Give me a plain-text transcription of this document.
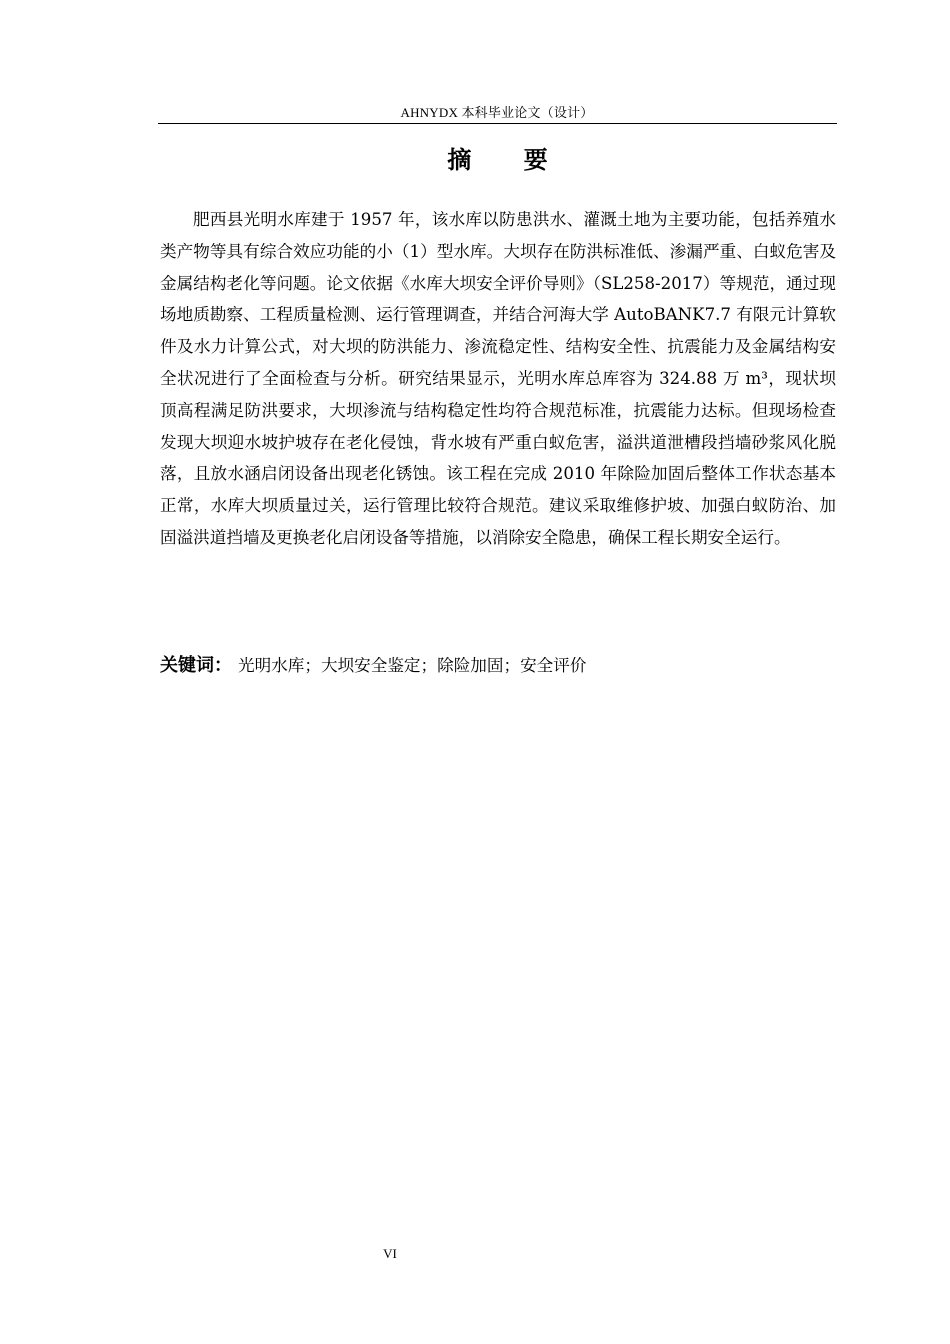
AHNYDX 本科毕业论文（设计）
摘 要

肥西县光明水库建于 1957 年，该水库以防患洪水、灌溉土地为主要功能，包括养殖水类产物等具有综合效应功能的小（1）型水库。大坝存在防洪标准低、渗漏严重、白蚁危害及金属结构老化等问题。论文依据《水库大坝安全评价导则》（SL258-2017）等规范，通过现场地质勘察、工程质量检测、运行管理调查，并结合河海大学 AutoBANK7.7 有限元计算软件及水力计算公式，对大坝的防洪能力、渗流稳定性、结构安全性、抗震能力及金属结构安全状况进行了全面检查与分析。研究结果显示，光明水库总库容为 324.88 万 m³，现状坝顶高程满足防洪要求，大坝渗流与结构稳定性均符合规范标准，抗震能力达标。但现场检查发现大坝迎水坡护坡存在老化侵蚀，背水坡有严重白蚁危害，溢洪道泄槽段挡墙砂浆风化脱落，且放水涵启闭设备出现老化锈蚀。该工程在完成 2010 年除险加固后整体工作状态基本正常，水库大坝质量过关，运行管理比较符合规范。建议采取维修护坡、加强白蚁防治、加固溢洪道挡墙及更换老化启闭设备等措施，以消除安全隐患，确保工程长期安全运行。

关键词： 光明水库；大坝安全鉴定；除险加固；安全评价
VI
